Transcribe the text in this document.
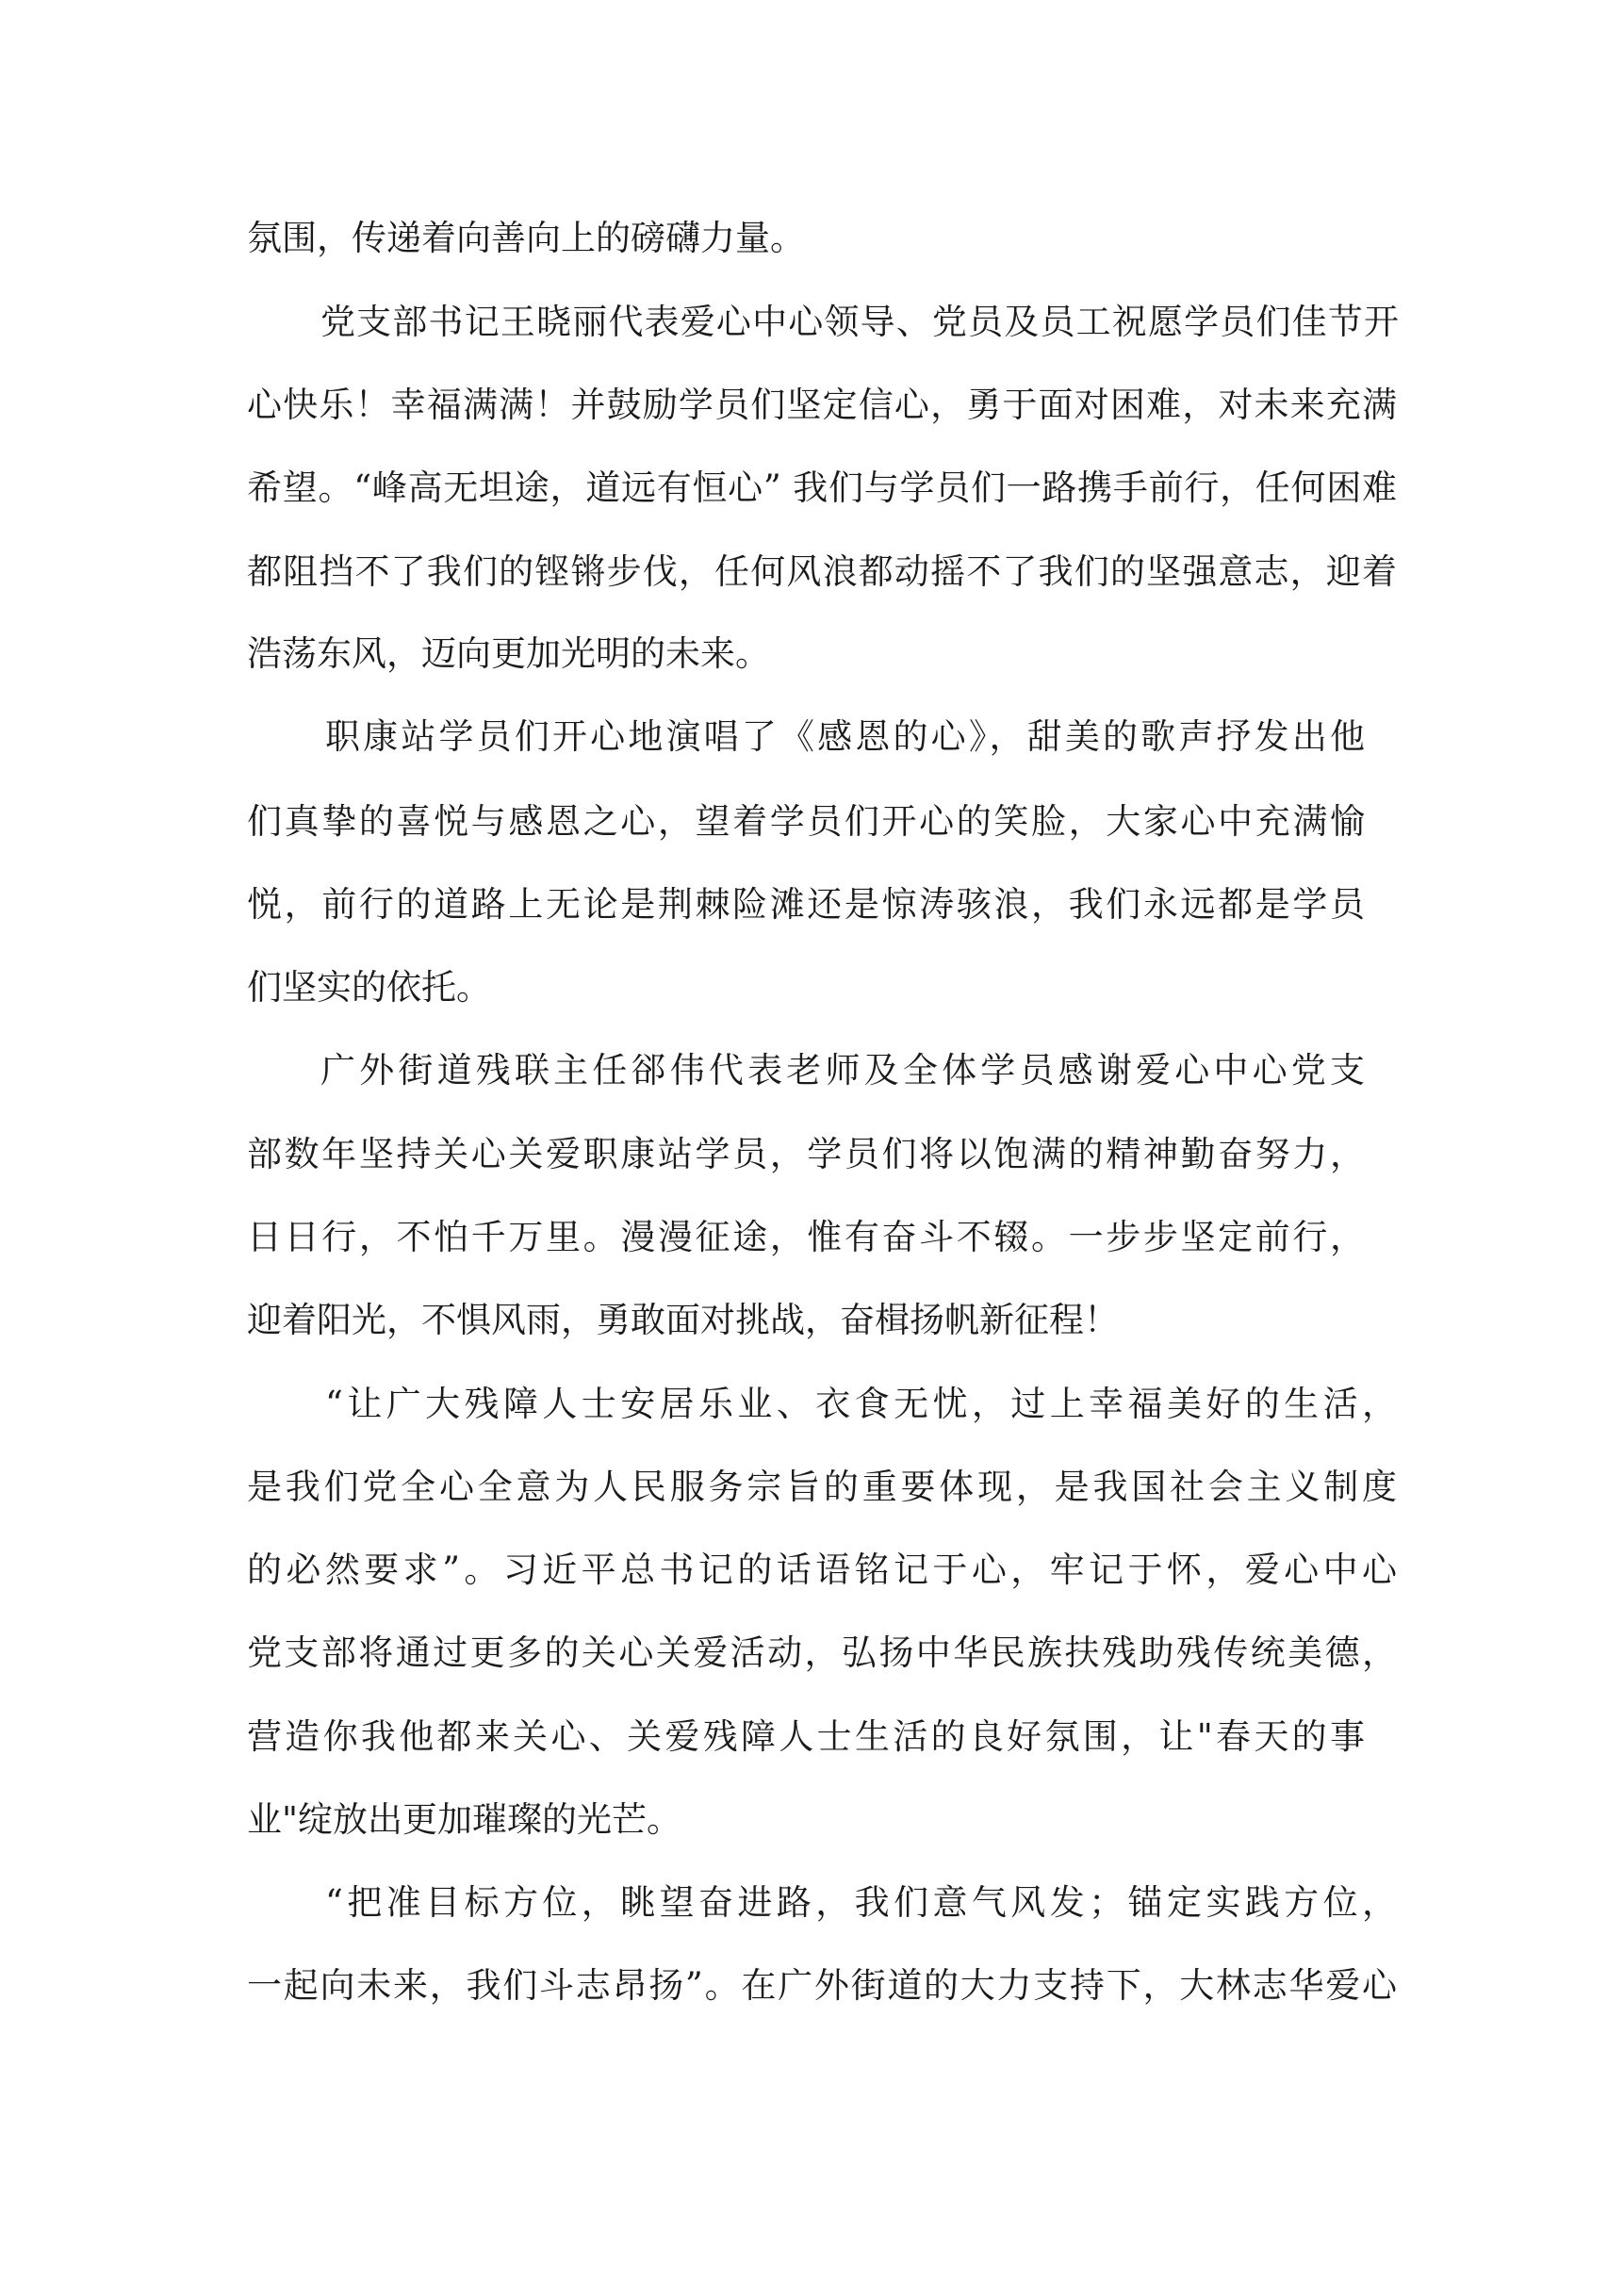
氛围，传递着向善向上的磅礴力量。
党支部书记王晓丽代表爱心中心领导、党员及员工祝愿学员们佳节开
心快乐！幸福满满！并鼓励学员们坚定信心，勇于面对困难，对未来充满
希望。“峰高无坦途，道远有恒心” 我们与学员们一路携手前行，任何困难
都阻挡不了我们的铿锵步伐，任何风浪都动摇不了我们的坚强意志，迎着
浩荡东风，迈向更加光明的未来。
职康站学员们开心地演唱了《感恩的心》，甜美的歌声抒发出他
们真挚的喜悦与感恩之心，望着学员们开心的笑脸，大家心中充满愉
悦，前行的道路上无论是荆棘险滩还是惊涛骇浪，我们永远都是学员
们坚实的依托。
广外街道残联主任郤伟代表老师及全体学员感谢爱心中心党支
部数年坚持关心关爱职康站学员，学员们将以饱满的精神勤奋努力，
日日行，不怕千万里。漫漫征途，惟有奋斗不辍。一步步坚定前行，
迎着阳光，不惧风雨，勇敢面对挑战，奋楫扬帆新征程！
“让广大残障人士安居乐业、衣食无忧，过上幸福美好的生活，
是我们党全心全意为人民服务宗旨的重要体现，是我国社会主义制度
的必然要求”。习近平总书记的话语铭记于心，牢记于怀，爱心中心
党支部将通过更多的关心关爱活动，弘扬中华民族扶残助残传统美德，
营造你我他都来关心、关爱残障人士生活的良好氛围，让"春天的事
业"绽放出更加璀璨的光芒。
“把准目标方位，眺望奋进路，我们意气风发；锚定实践方位，
一起向未来，我们斗志昂扬”。在广外街道的大力支持下，大林志华爱心
